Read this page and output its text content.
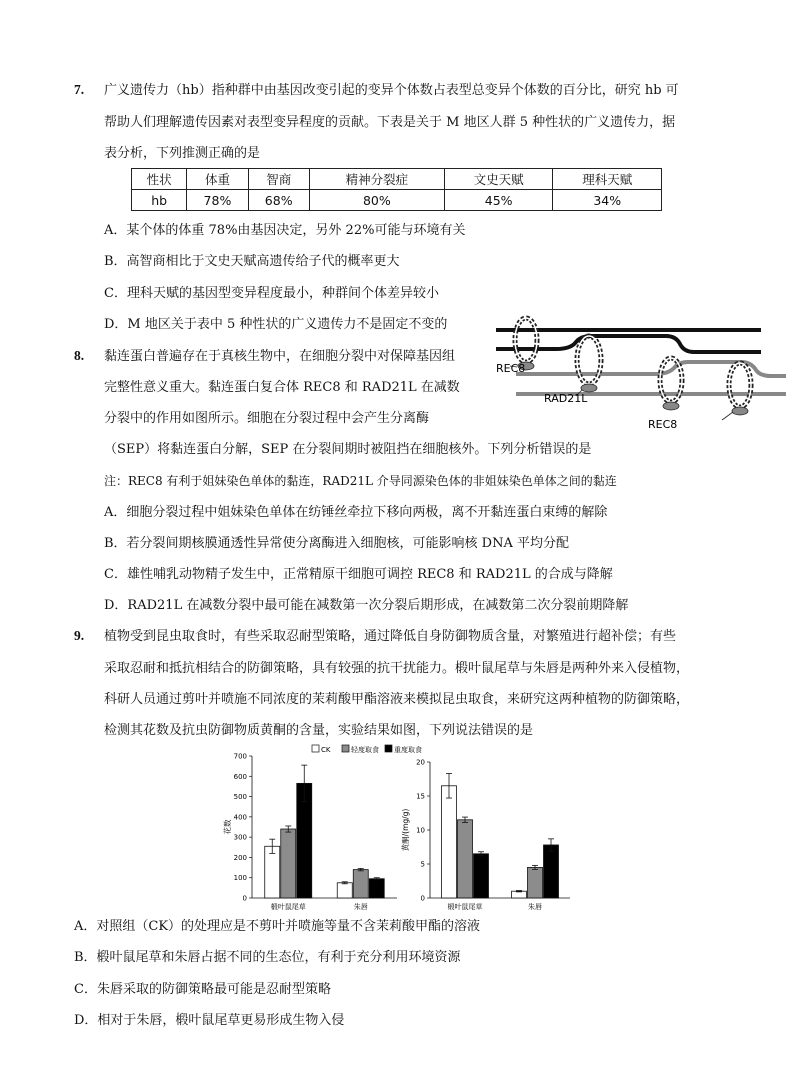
7. 广义遗传力（hb）指种群中由基因改变引起的变异个体数占表型总变异个体数的百分比，研究 hb 可
帮助人们理解遗传因素对表型变异程度的贡献。下表是关于 M 地区人群 5 种性状的广义遗传力，据
表分析，下列推测正确的是
性状	体重	智商	精神分裂症	文史天赋	理科天赋
hb	78%	68%	80%	45%	34%
A．某个体的体重 78%由基因决定，另外 22%可能与环境有关
B．高智商相比于文史天赋高遗传给子代的概率更大
C．理科天赋的基因型变异程度最小，种群间个体差异较小
D．M 地区关于表中 5 种性状的广义遗传力不是固定不变的
8. 黏连蛋白普遍存在于真核生物中，在细胞分裂中对保障基因组
完整性意义重大。黏连蛋白复合体 REC8 和 RAD21L 在减数
分裂中的作用如图所示。细胞在分裂过程中会产生分离酶
（SEP）将黏连蛋白分解，SEP 在分裂间期时被阻挡在细胞核外。下列分析错误的是
注：REC8 有利于姐妹染色单体的黏连，RAD21L 介导同源染色体的非姐妹染色单体之间的黏连
REC8
RAD21L
REC8
A．细胞分裂过程中姐妹染色单体在纺锤丝牵拉下移向两极，离不开黏连蛋白束缚的解除
B．若分裂间期核膜通透性异常使分离酶进入细胞核，可能影响核 DNA 平均分配
C．雄性哺乳动物精子发生中，正常精原干细胞可调控 REC8 和 RAD21L 的合成与降解
D．RAD21L 在减数分裂中最可能在减数第一次分裂后期形成，在减数第二次分裂前期降解
9. 植物受到昆虫取食时，有些采取忍耐型策略，通过降低自身防御物质含量，对繁殖进行超补偿；有些
采取忍耐和抵抗相结合的防御策略，具有较强的抗干扰能力。椴叶鼠尾草与朱唇是两种外来入侵植物，
科研人员通过剪叶并喷施不同浓度的茉莉酸甲酯溶液来模拟昆虫取食，来研究这两种植物的防御策略，
检测其花数及抗虫防御物质黄酮的含量，实验结果如图，下列说法错误的是
CK	轻度取食 重度取食
0
100
200
300
400
500
600
700
花数
椴叶鼠尾草	朱唇
0
5
10
15
20
黄酮/(mg/g)
椴叶鼠尾草	朱唇
A．对照组（CK）的处理应是不剪叶并喷施等量不含茉莉酸甲酯的溶液
B．椴叶鼠尾草和朱唇占据不同的生态位，有利于充分利用环境资源
C．朱唇采取的防御策略最可能是忍耐型策略
D．相对于朱唇，椴叶鼠尾草更易形成生物入侵
